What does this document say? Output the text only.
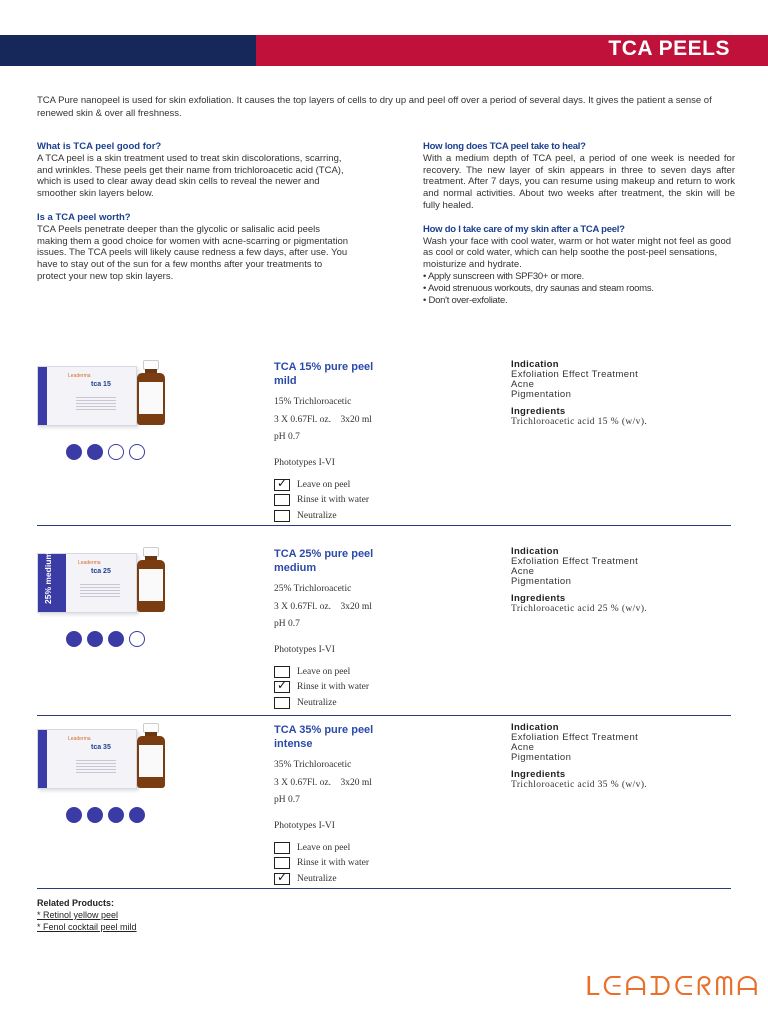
TCA PEELS

TCA Pure nanopeel is used for skin exfoliation. It causes the top layers of cells to dry up and peel off over a period of several days. It gives the patient a sense of renewed skin & over all freshness.

What is TCA peel good for?
A TCA peel is a skin treatment used to treat skin discolorations, scarring, and wrinkles. These peels get their name from trichloroacetic acid (TCA), which is used to clear away dead skin cells to reveal the newer and smoother skin layers below.
Is a TCA peel worth?
TCA Peels penetrate deeper than the glycolic or salisalic acid peels making them a good choice for women with acne-scarring or pigmentation issues. The TCA peels will likely cause redness a few days, after use. You have to stay out of the sun for a few months after your treatments to protect your new top skin layers.
How long does TCA peel take to heal?
With a medium depth of TCA peel, a period of one week is needed for recovery. The new layer of skin appears in three to seven days after treatment. After 7 days, you can resume using makeup and return to work and normal activities. About two weeks after treatment, the skin will be fully healed.
How do I take care of my skin after a TCA peel?
Wash your face with cool water, warm or hot water might not feel as good as cool or cold water, which can help soothe the post-peel sensations, moisturize and hydrate.
• Apply sunscreen with SPF30+ or more.
• Avoid strenuous workouts, dry saunas and steam rooms.
• Don't over-exfoliate.
Leaderma
tca 15
TCA 15% pure peel
mild
15% Trichloroacetic
3 X 0.67Fl. oz.    3x20 ml
pH 0.7
Phototypes I-VI
✓ Leave on peel
Rinse it with water
Neutralize
Indication
Exfoliation Effect Treatment
Acne
Pigmentation
Ingredients
Trichloroacetic acid 15 % (w/v).
25% medium	Leaderma
tca 25
TCA 25% pure peel
medium
25% Trichloroacetic
3 X 0.67Fl. oz.    3x20 ml
pH 0.7
Phototypes I-VI
Leave on peel
✓ Rinse it with water
Neutralize
Indication
Exfoliation Effect Treatment
Acne
Pigmentation
Ingredients
Trichloroacetic acid 25 % (w/v).
Leaderma
tca 35
TCA 35% pure peel
intense
35% Trichloroacetic
3 X 0.67Fl. oz.    3x20 ml
pH 0.7
Phototypes I-VI
Leave on peel
Rinse it with water
✓ Neutralize
Indication
Exfoliation Effect Treatment
Acne
Pigmentation
Ingredients
Trichloroacetic acid 35 % (w/v).
Related Products:
* Retinol yellow peel
* Fenol cocktail peel mild
ᒪᕮᗩᗪᕮᖇᗰᗩ
